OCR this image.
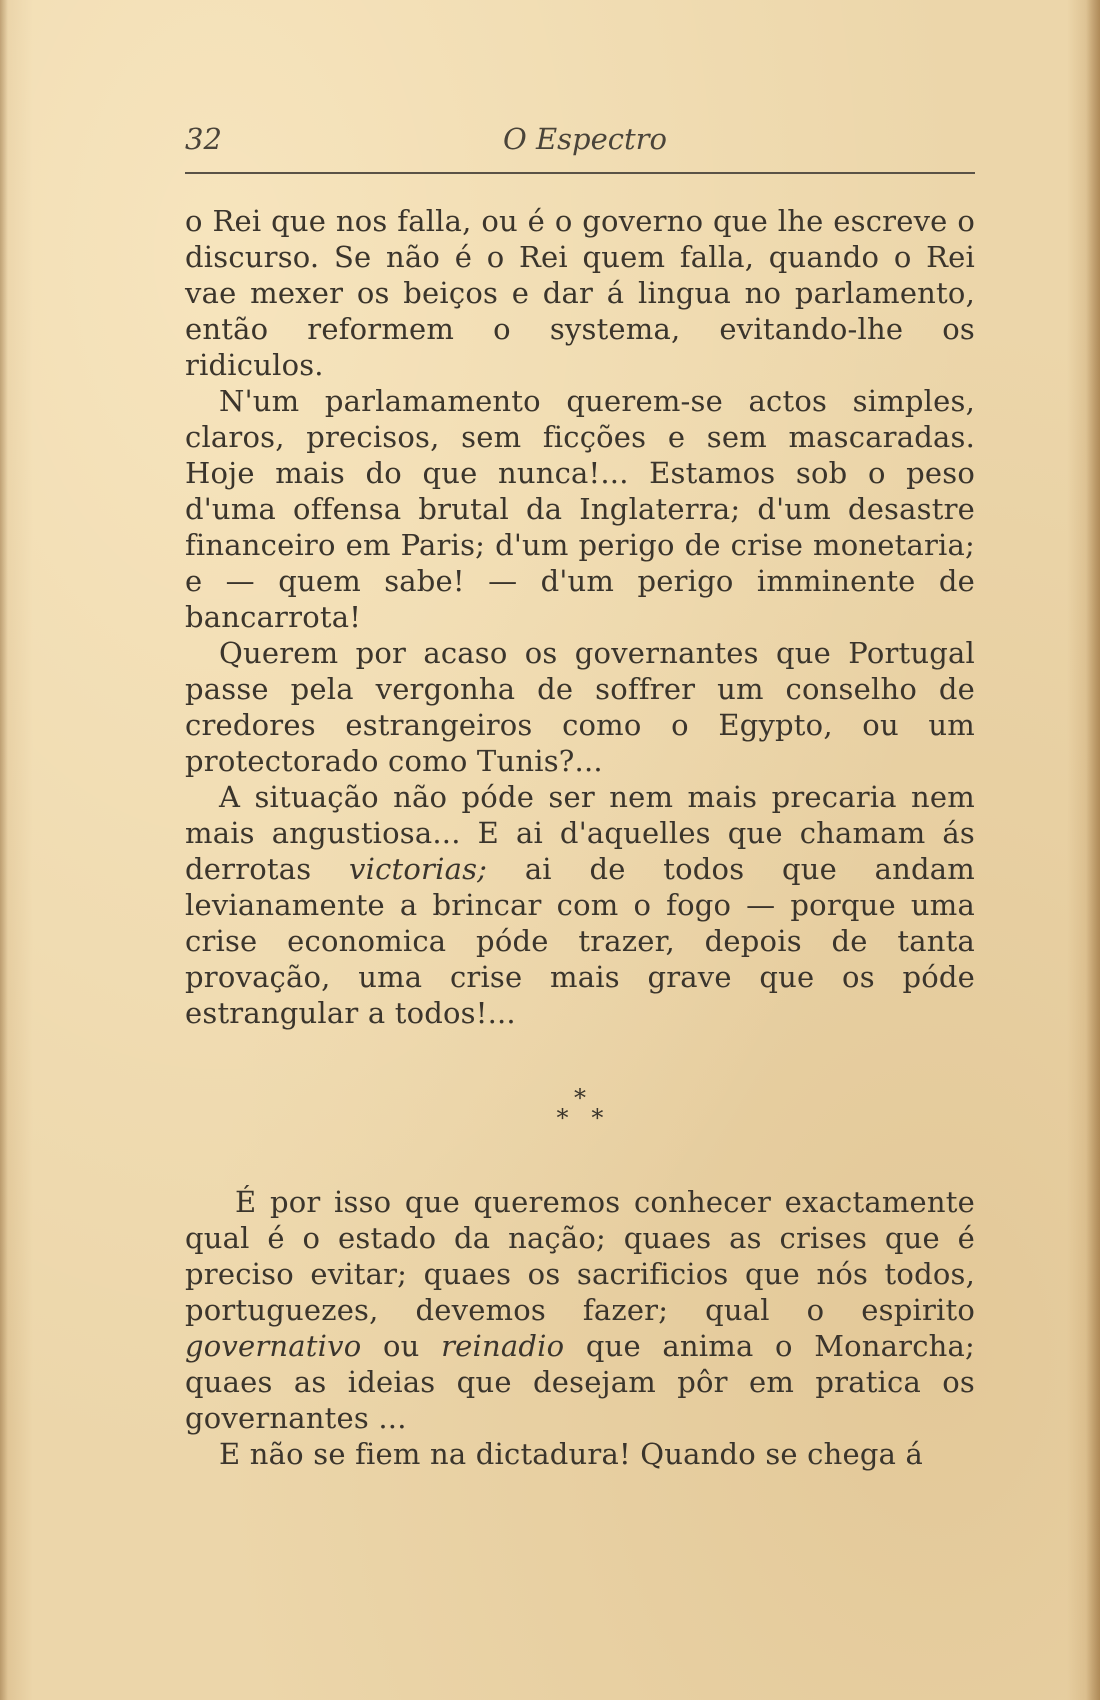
32	O Espectro

o Rei que nos falla, ou é o governo que lhe escreve o discurso. Se não é o Rei quem falla, quando o Rei vae mexer os beiços e dar á lingua no parlamento, então reformem o systema, evitando-lhe os ridiculos.

N'um parlamamento querem-se actos simples, claros, precisos, sem ficções e sem mascaradas. Hoje mais do que nunca!... Estamos sob o peso d'uma offensa brutal da Inglaterra; d'um desastre financeiro em Paris; d'um perigo de crise monetaria; e — quem sabe! — d'um perigo imminente de bancarrota!

Querem por acaso os governantes que Portugal passe pela vergonha de soffrer um conselho de credores estrangeiros como o Egypto, ou um protectorado como Tunis?...

A situação não póde ser nem mais precaria nem mais angustiosa... E ai d'aquelles que chamam ás derrotas victorias; ai de todos que andam levianamente a brincar com o fogo — porque uma crise economica póde trazer, depois de tanta provação, uma crise mais grave que os póde estrangular a todos!...

*
*   *

É por isso que queremos conhecer exactamente qual é o estado da nação; quaes as crises que é preciso evitar; quaes os sacrificios que nós todos, portuguezes, devemos fazer; qual o espirito governativo ou reinadio que anima o Monarcha; quaes as ideias que desejam pôr em pratica os governantes ...

E não se fiem na dictadura! Quando se chega á
